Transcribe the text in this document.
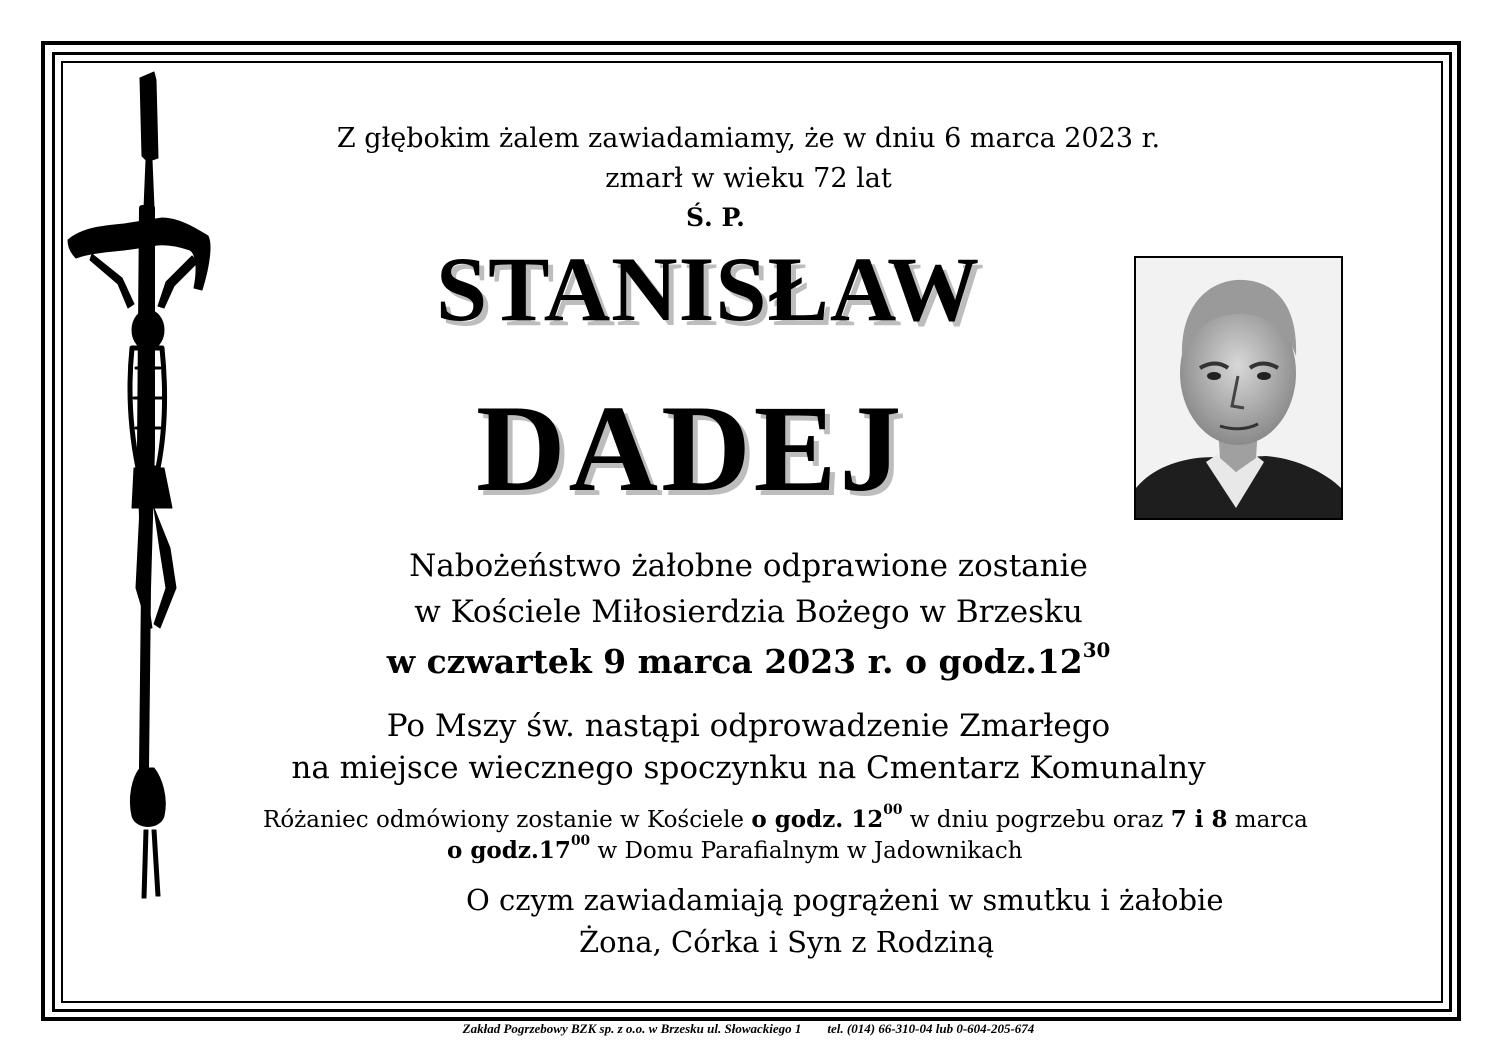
Z głębokim żalem zawiadamiamy, że w dniu 6 marca 2023 r.
zmarł w wieku 72 lat
Ś. P.
STANISŁAW
DADEJ
Nabożeństwo żałobne odprawione zostanie
w Kościele Miłosierdzia Bożego w Brzesku
w czwartek 9 marca 2023 r. o $godz.12^{30}$
Po Mszy św. nastąpi odprowadzenie Zmarłego
na miejsce wiecznego spoczynku na Cmentarz Komunalny
Różaniec odmówiony zostanie w Kościele o godz. $12^{00}$ w dniu pogrzebu oraz 7 i 8 marca
o $godz.17^{00}$ w Domu Parafialnym w Jadownikach
O czym zawiadamiają pogrążeni w smutku i żałobie
Żona, Córka i Syn z Rodziną
Zakład Pogrzebowy BZK sp. z o.o. w Brzesku ul. Słowackiego 1 tel. (014) 66-310-04 lub 0-604-205-674
